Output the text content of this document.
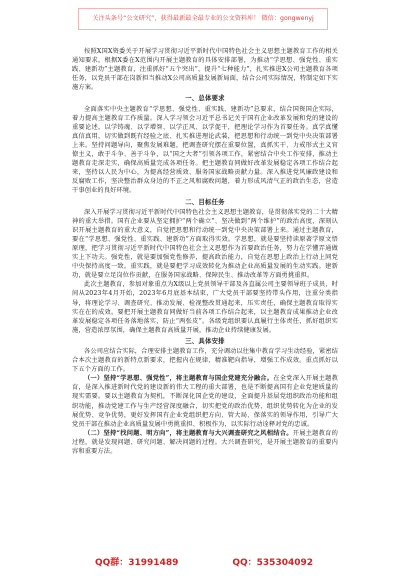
关注头条号“公文研究”，获得最新最全最专业的公文资料库！ 微信：gongwenyj

按照X国X资委关于开展学习贯彻习近平新时代中国特色社会主义思想主题教育工作的相关通知要求，根据X委在X范围内开展主题教育的具体安排部署，为推动“学思想、强党性、重实践、建新功”主题教育，注重抓好“五个突出”，提升“七种能力”，扎实推进X公司主题教育各项任务，以党员干部在岗新担当推动X公司高质量发展新局面，结合公司实际情况，特制定如下实施方案。

一、总体要求

全面落实中央主题教育“学思想、强党性、重实践、建新功”总要求，结合国资国企实际，着力提高主题教育工作质量。深入学习领会习近平总书记关于国有企业改革发展和党的建设的重要论述，以学铸魂、以学增智、以学正风、以学促干，把理论学习作为首要任务。真学真懂真信真用，切实做到既有经验之底、扎实推进理论武装，把思想和行动统一到党中央决策部署上来。坚持问题导向，聚焦发展难题，把调查研究摆在重要位置，真抓实干、力戒形式主义官僚主义，敢于斗争、善于斗争，以“国之大者”引领各项工作，紧密结合中央工作安排，推动主题教育走深走实，确保高质量完成各项任务。把主题教育同做好改革发展稳定各项工作结合起来，坚持以人民为中心，为提高经营质效、服务国家战略贡献力量。深入推进党风廉政建设和反腐败工作，坚决整治群众身边的不正之风和腐败问题，着力形成风清气正的政治生态，营造干事创业的良好环境。

二、目标任务

深入开展学习贯彻习近平新时代中国特色社会主义思想主题教育，是贯彻落实党的二十大精神的重大举措。国有企业要从坚定拥护“两个确立”、坚决做到“两个维护”的政治高度，深刻认识开展主题教育的重大意义，自觉把思想和行动统一到党中央决策部署上来。通过主题教育，要在“学思想、强党性、重实践、建新功”方面取得实效。学思想，就是要坚持读原著学原文悟原理，把学习贯彻习近平新时代中国特色社会主义思想作为首要政治任务，努力在学懂弄通做实上下功夫。强党性，就是要加强党性修养，提高政治能力，自觉在思想上政治上行动上同党中央保持高度一致。重实践，就是要把学习成效转化为推动企业高质量发展的生动实践。建新功，就是要立足岗位作贡献，在服务国家战略、保障民生、推动改革等方面勇挑重担。

此次主题教育，参加对象重点为X级以上党员领导干部及各直属公司主要领导班子成员，时间从2023年4月开始，2023年6月底基本结束，广大党员干部要坚持带头作用，注重分类指导，将理论学习、调查研究、推动发展、检视整改贯通起来，压实责任，确保主题教育取得实实在在的成效。要把开展主题教育同做好当前各项工作结合起来，以主题教育成果推动企业改革发展稳定各项任务落地落实，防止“两张皮”。各级党组织要认真履行主体责任，抓好组织实施，营造浓厚氛围，确保主题教育高质量开展，推动企业持续健康发展。

三、具体安排

各公司应结合实际，合理安排主题教育工作，充分调动以往集中教育学习生动经验，紧密结合本次主题教育的新特点新要求，把握内在规律，精准靶向指导，增强工作成效。重点抓好以下五个方面的工作。

（一）坚持“学思想、强党性”，将主题教育与国企党建充分融合。在全党深入开展主题教育，是深入推进新时代党的建设新的伟大工程的重大部署，也是不断提高国有企业党建质量的现实需要。要以主题教育为契机，不断深化国企党的建设，全面提升基层党组织政治功能和组织功能，推动党建工作与生产经营深度融合，切实把党的政治优势、组织优势转化为企业的发展优势、竞争优势，更好发挥国有企业党组织把方向、管大局、保落实的领导作用，引导广大党员干部在推动企业高质量发展中勇挑重担、积极作为，以实际行动诠释对党的忠诚。

（二）坚持“找问题、明方向”，将主题教育与大兴调查研究之风相结合。开展主题教育的过程，就是发现问题、研究问题、解决问题的过程。大兴调查研究，是开展主题教育的重要内容和重要方法。

QQ群：31991489	QQ：535304092
